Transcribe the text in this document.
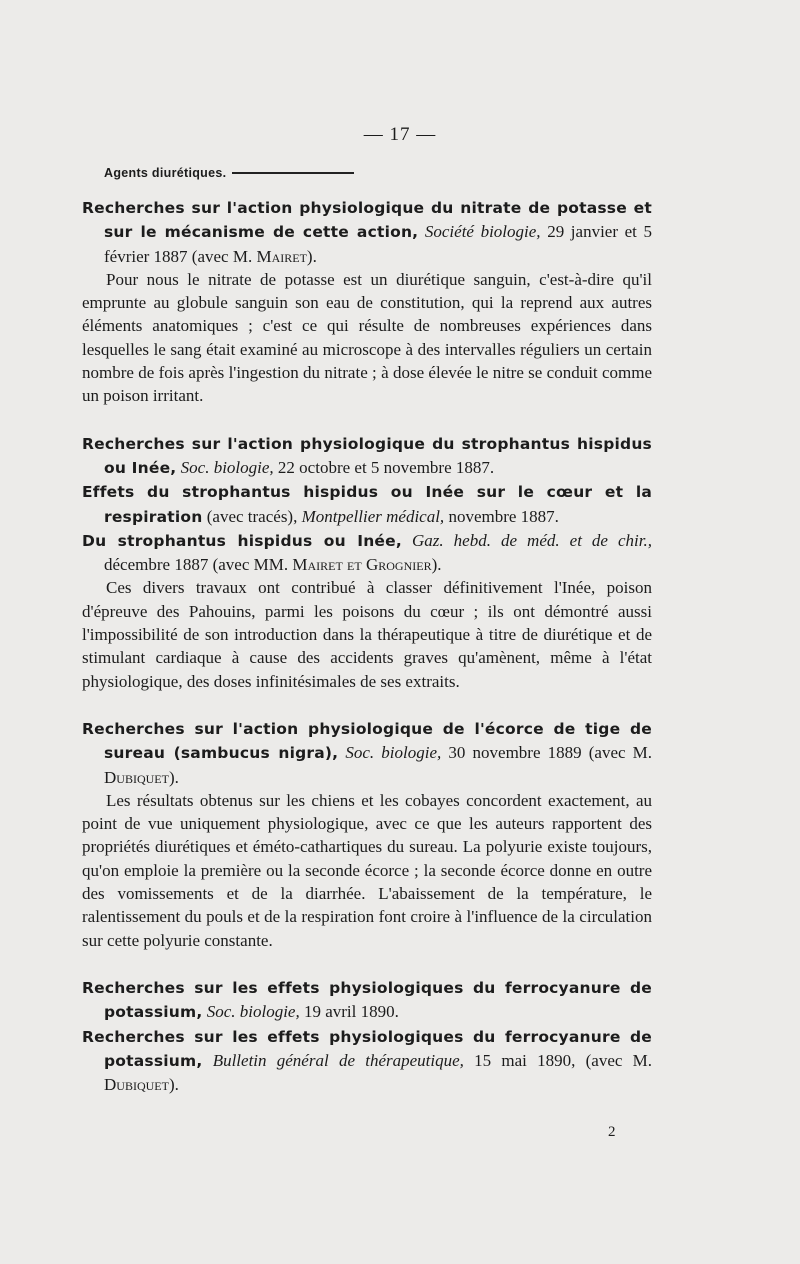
— 17 —
Agents diurétiques.

Recherches sur l'action physiologique du nitrate de potasse et sur le mécanisme de cette action, Société biologie, 29 janvier et 5 février 1887 (avec M. Mairet).

Pour nous le nitrate de potasse est un diurétique sanguin, c'est-à-dire qu'il emprunte au globule sanguin son eau de constitution, qui la reprend aux autres éléments anatomiques ; c'est ce qui résulte de nombreuses expériences dans lesquelles le sang était examiné au microscope à des intervalles réguliers un certain nombre de fois après l'ingestion du nitrate ; à dose élevée le nitre se conduit comme un poison irritant.

Recherches sur l'action physiologique du strophantus hispidus ou Inée, Soc. biologie, 22 octobre et 5 novembre 1887.

Effets du strophantus hispidus ou Inée sur le cœur et la respiration (avec tracés), Montpellier médical, novembre 1887.

Du strophantus hispidus ou Inée, Gaz. hebd. de méd. et de chir., décembre 1887 (avec MM. Mairet et Grognier).

Ces divers travaux ont contribué à classer définitivement l'Inée, poison d'épreuve des Pahouins, parmi les poisons du cœur ; ils ont démontré aussi l'impossibilité de son introduction dans la thérapeutique à titre de diurétique et de stimulant cardiaque à cause des accidents graves qu'amènent, même à l'état physiologique, des doses infinitésimales de ses extraits.

Recherches sur l'action physiologique de l'écorce de tige de sureau (sambucus nigra), Soc. biologie, 30 novembre 1889 (avec M. Dubiquet).

Les résultats obtenus sur les chiens et les cobayes concordent exactement, au point de vue uniquement physiologique, avec ce que les auteurs rapportent des propriétés diurétiques et éméto-cathartiques du sureau. La polyurie existe toujours, qu'on emploie la première ou la seconde écorce ; la seconde écorce donne en outre des vomissements et de la diarrhée. L'abaissement de la température, le ralentissement du pouls et de la respiration font croire à l'influence de la circulation sur cette polyurie constante.

Recherches sur les effets physiologiques du ferrocyanure de potassium, Soc. biologie, 19 avril 1890.

Recherches sur les effets physiologiques du ferrocyanure de potassium, Bulletin général de thérapeutique, 15 mai 1890, (avec M. Dubiquet).

2
